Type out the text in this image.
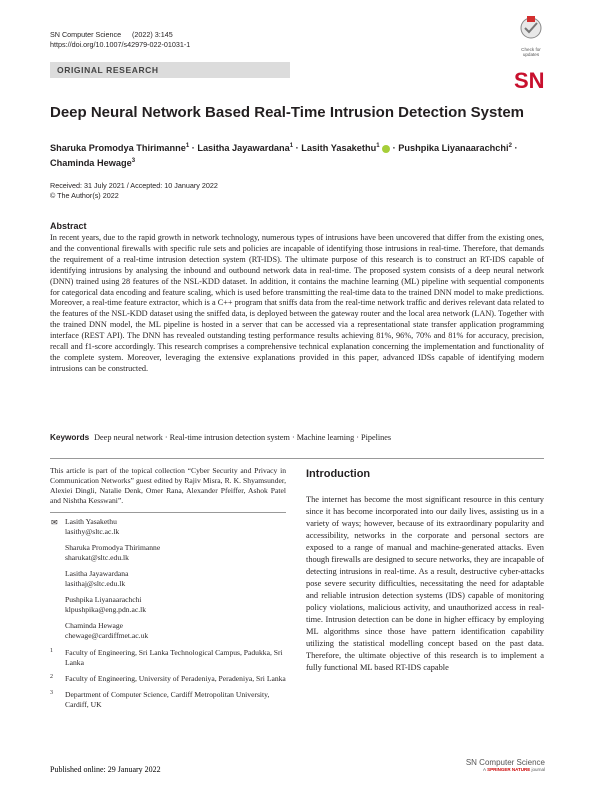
SN Computer Science (2022) 3:145
https://doi.org/10.1007/s42979-022-01031-1
Check for updates
ORIGINAL RESEARCH	SN
Deep Neural Network Based Real-Time Intrusion Detection System
Sharuka Promodya Thirimanne$^1$ · Lasitha Jayawardana$^1$ · Lasith Yasakethu$^1$  · Pushpika Liyanaarachchi$^2$ ·
Chaminda Hewage$^3$
Received: 31 July 2021 / Accepted: 10 January 2022
© The Author(s) 2022
Abstract

In recent years, due to the rapid growth in network technology, numerous types of intrusions have been uncovered that differ from the existing ones, and the conventional firewalls with specific rule sets and policies are incapable of identifying those intrusions in real-time. Therefore, that demands the requirement of a real-time intrusion detection system (RT-IDS). The ultimate purpose of this research is to construct an RT-IDS capable of identifying intrusions by analysing the inbound and outbound network data in real-time. The proposed system consists of a deep neural network (DNN) trained using 28 features of the NSL-KDD dataset. In addition, it contains the machine learning (ML) pipeline with sequential components for categorical data encoding and feature scaling, which is used before transmitting the real-time data to the trained DNN model to make predictions. Moreover, a real-time feature extractor, which is a C++ program that sniffs data from the real-time network traffic and derives relevant data related to the features of the NSL-KDD dataset using the sniffed data, is deployed between the gateway router and the local area network (LAN). Together with the trained DNN model, the ML pipeline is hosted in a server that can be accessed via a representational state transfer application programming interface (REST API). The DNN has revealed outstanding testing performance results achieving 81%, 96%, 70% and 81% for accuracy, precision, recall and f1-score accordingly. This research comprises a comprehensive technical explanation concerning the implementation and functionality of the complete system. Moreover, leveraging the extensive explanations provided in this paper, advanced IDSs capable of identifying modern intrusions can be constructed.

Keywords Deep neural network · Real-time intrusion detection system · Machine learning · Pipelines
This article is part of the topical collection “Cyber Security and Privacy in Communication Networks” guest edited by Rajiv Misra, R. K. Shyamsunder, Alexiei Dingli, Natalie Denk, Omer Rana, Alexander Pfeiffer, Ashok Patel and Nishtha Kesswani”.
✉ Lasith Yasakethu
lasithy@sltc.ac.lk
Sharuka Promodya Thirimanne
sharukat@sltc.edu.lk
Lasitha Jayawardana
lasithaj@sltc.edu.lk
Pushpika Liyanaarachchi
klpushpika@eng.pdn.ac.lk
Chaminda Hewage
chewage@cardiffmet.ac.uk
1 Faculty of Engineering, Sri Lanka Technological Campus, Padukka, Sri Lanka
2 Faculty of Engineering, University of Peradeniya, Peradeniya, Sri Lanka
3 Department of Computer Science, Cardiff Metropolitan University, Cardiff, UK
Introduction

The internet has become the most significant resource in this century since it has become incorporated into our daily lives, assisting us in a variety of ways; however, because of its extraordinary popularity and accessibility, networks in the corporate and personal sectors are exposed to a range of manual and machine-generated attacks. Even though firewalls are designed to secure networks, they are incapable of detecting intrusions in real-time. As a result, destructive cyber-attacks pose severe security difficulties, necessitating the need for adaptable and reliable intrusion detection systems (IDS) capable of monitoring policy violations, malicious activity, and unauthorized access in real-time. Intrusion detection can be done in higher efficacy by employing ML algorithms since those have pattern identification capability utilizing the statistical modelling concept based on the past data. Therefore, the ultimate objective of this research is to implement a fully functional ML based RT-IDS capable

Published online: 29 January 2022
SN Computer Science
A SPRINGER NATURE journal
